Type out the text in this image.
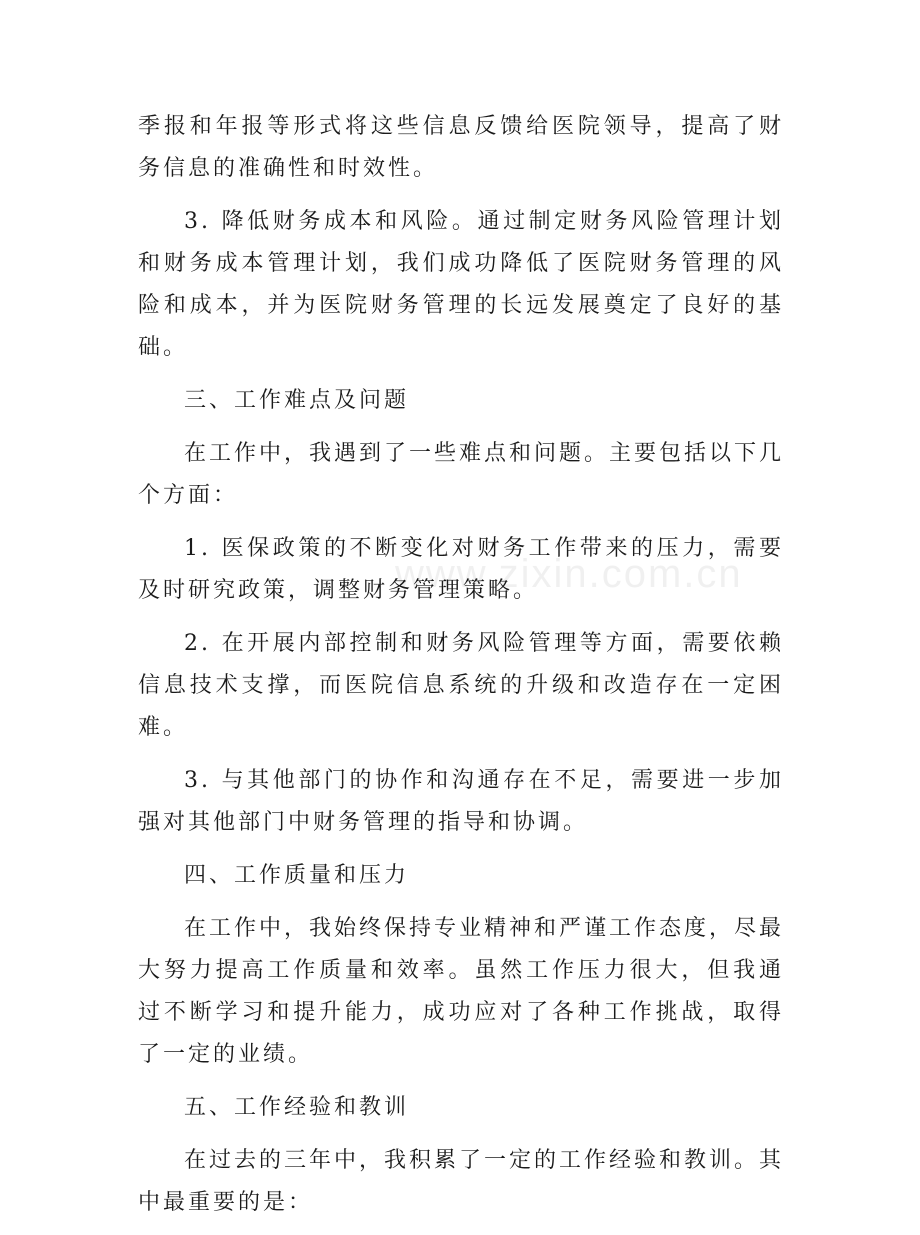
季报和年报等形式将这些信息反馈给医院领导，提高了财务信息的准确性和时效性。

3. 降低财务成本和风险。通过制定财务风险管理计划和财务成本管理计划，我们成功降低了医院财务管理的风险和成本，并为医院财务管理的长远发展奠定了良好的基础。

三、工作难点及问题

在工作中，我遇到了一些难点和问题。主要包括以下几个方面：

1. 医保政策的不断变化对财务工作带来的压力，需要及时研究政策，调整财务管理策略。

2. 在开展内部控制和财务风险管理等方面，需要依赖信息技术支撑，而医院信息系统的升级和改造存在一定困难。

3. 与其他部门的协作和沟通存在不足，需要进一步加强对其他部门中财务管理的指导和协调。

四、工作质量和压力

在工作中，我始终保持专业精神和严谨工作态度，尽最大努力提高工作质量和效率。虽然工作压力很大，但我通过不断学习和提升能力，成功应对了各种工作挑战，取得了一定的业绩。

五、工作经验和教训

在过去的三年中，我积累了一定的工作经验和教训。其中最重要的是：

www.zixin.com.cn
